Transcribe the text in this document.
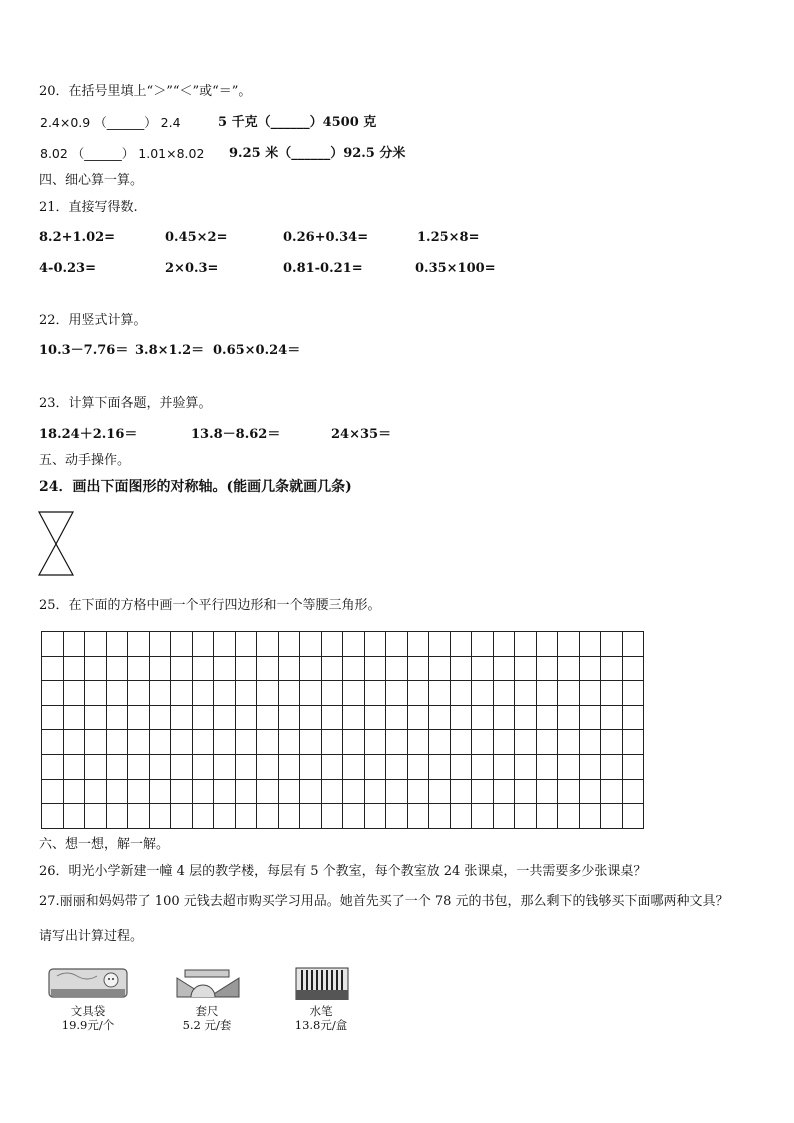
20．在括号里填上“＞”“＜”或“＝”。
2.4×0.9 （______） 2.4	5 千克（______）4500 克
8.02 （______） 1.01×8.02 9.25 米（______）92.5 分米
四、细心算一算。
21．直接写得数.
8.2+1.02=	0.45×2=	0.26+0.34=	1.25×8=
4-0.23=	2×0.3=	0.81-0.21=	0.35×100=
22．用竖式计算。
10.3－7.76＝ 3.8×1.2＝ 0.65×0.24＝
23．计算下面各题，并验算。
18.24＋2.16＝	13.8－8.62＝	24×35＝
五、动手操作。
24．画出下面图形的对称轴。(能画几条就画几条)
25．在下面的方格中画一个平行四边形和一个等腰三角形。

六、想一想，解一解。
26．明光小学新建一幢 4 层的教学楼，每层有 5 个教室，每个教室放 24 张课桌，一共需要多少张课桌？
27.丽丽和妈妈带了 100 元钱去超市购买学习用品。她首先买了一个 78 元的书包，那么剩下的钱够买下面哪两种文具？
请写出计算过程。
文具袋
19.9元/个
套尺
5.2 元/套
水笔
13.8元/盒
